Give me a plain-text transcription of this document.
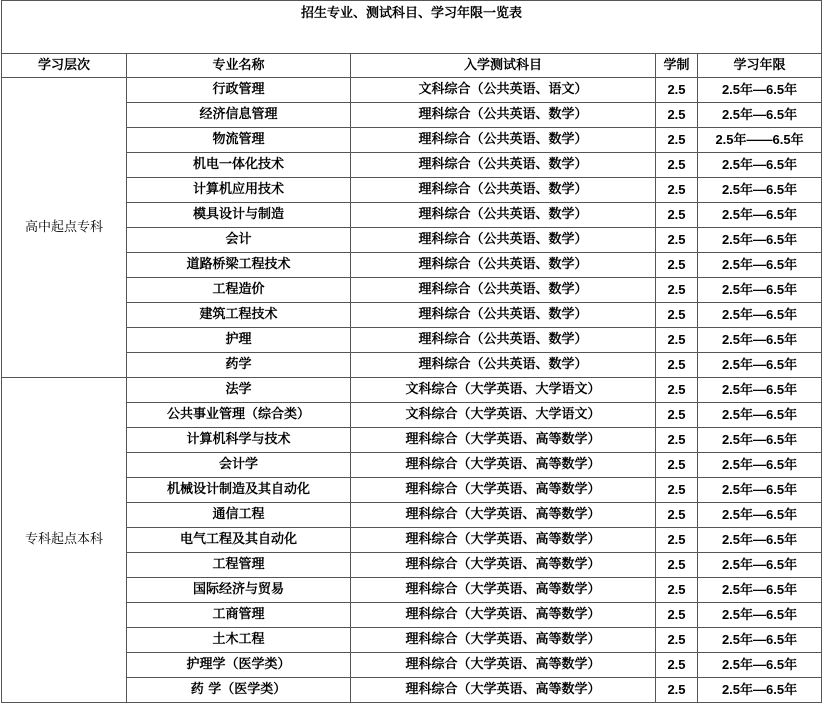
招生专业、测试科目、学习年限一览表				
学习层次	专业名称	入学测试科目	学制	学习年限
高中起点专科	行政管理	文科综合（公共英语、语文）	2.5	2.5年—6.5年
	经济信息管理	理科综合（公共英语、数学）	2.5	2.5年—6.5年
	物流管理	理科综合（公共英语、数学）	2.5	2.5年——6.5年
	机电一体化技术	理科综合（公共英语、数学）	2.5	2.5年—6.5年
	计算机应用技术	理科综合（公共英语、数学）	2.5	2.5年—6.5年
	模具设计与制造	理科综合（公共英语、数学）	2.5	2.5年—6.5年
	会计	理科综合（公共英语、数学）	2.5	2.5年—6.5年
	道路桥梁工程技术	理科综合（公共英语、数学）	2.5	2.5年—6.5年
	工程造价	理科综合（公共英语、数学）	2.5	2.5年—6.5年
	建筑工程技术	理科综合（公共英语、数学）	2.5	2.5年—6.5年
	护理	理科综合（公共英语、数学）	2.5	2.5年—6.5年
	药学	理科综合（公共英语、数学）	2.5	2.5年—6.5年
专科起点本科	法学	文科综合（大学英语、大学语文）	2.5	2.5年—6.5年
	公共事业管理（综合类）	文科综合（大学英语、大学语文）	2.5	2.5年—6.5年
	计算机科学与技术	理科综合（大学英语、高等数学）	2.5	2.5年—6.5年
	会计学	理科综合（大学英语、高等数学）	2.5	2.5年—6.5年
	机械设计制造及其自动化	理科综合（大学英语、高等数学）	2.5	2.5年—6.5年
	通信工程	理科综合（大学英语、高等数学）	2.5	2.5年—6.5年
	电气工程及其自动化	理科综合（大学英语、高等数学）	2.5	2.5年—6.5年
	工程管理	理科综合（大学英语、高等数学）	2.5	2.5年—6.5年
	国际经济与贸易	理科综合（大学英语、高等数学）	2.5	2.5年—6.5年
	工商管理	理科综合（大学英语、高等数学）	2.5	2.5年—6.5年
	土木工程	理科综合（大学英语、高等数学）	2.5	2.5年—6.5年
	护理学（医学类）	理科综合（大学英语、高等数学）	2.5	2.5年—6.5年
	药 学（医学类）	理科综合（大学英语、高等数学）	2.5	2.5年—6.5年
